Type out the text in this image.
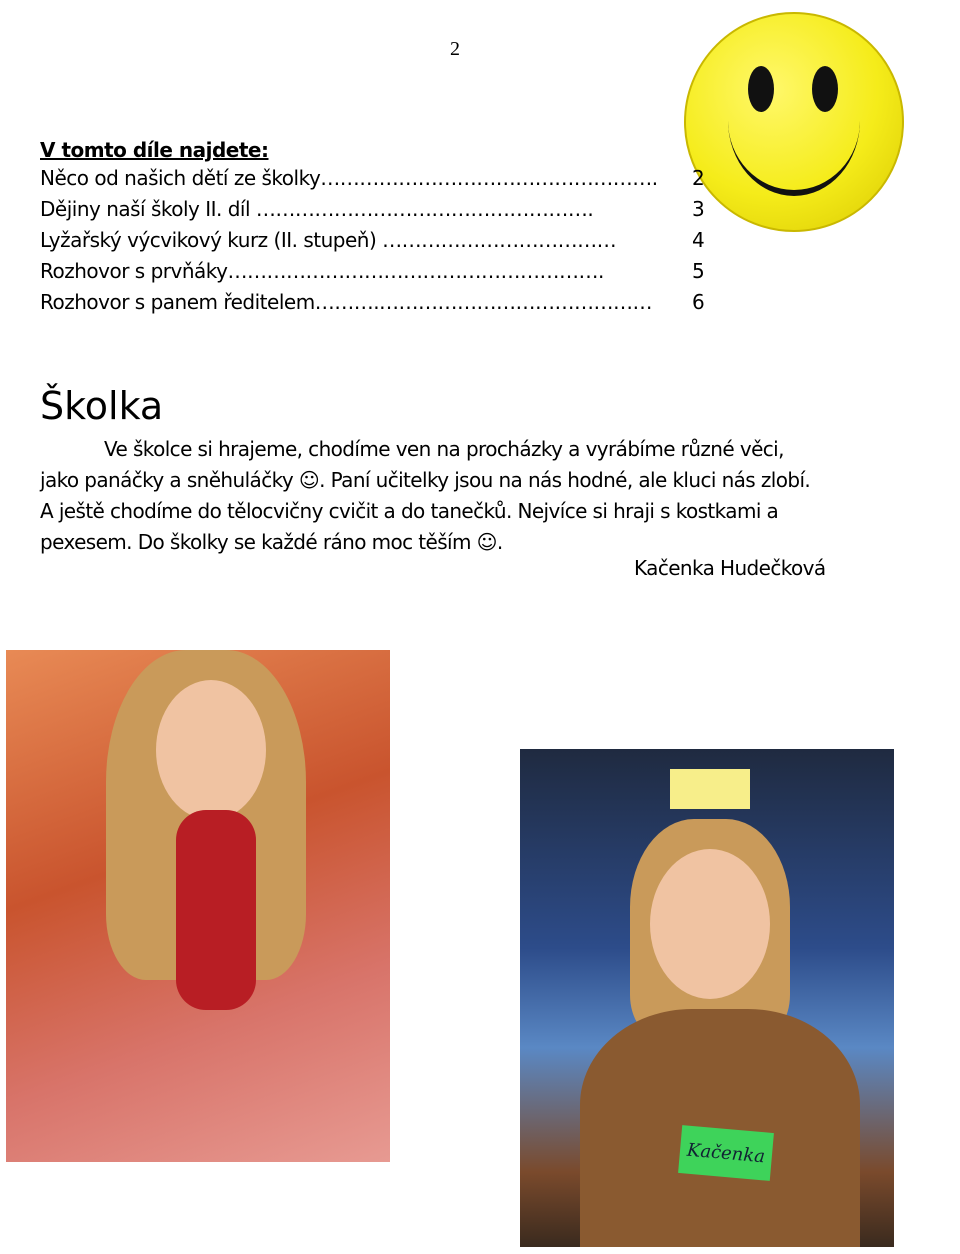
2
V tomto díle najdete:
Něco od našich dětí ze školky……………………………………………. 2
Dějiny naší školy II. díl …………………………………………….	3
Lyžařský výcvikový kurz (II. stupeň) ………………………………	4
Rozhovor s prvňáky………………………………………………….	5
Rozhovor s panem ředitelem……….…………………………………… 6
Školka
Ve školce si hrajeme, chodíme ven na procházky a vyrábíme různé věci,
jako panáčky a sněhuláčky ☺. Paní učitelky jsou na nás hodné, ale kluci nás zlobí.
A ještě chodíme do tělocvičny cvičit a do tanečků. Nejvíce si hraji s kostkami a
pexesem. Do školky se každé ráno moc těším ☺.
Kačenka Hudečková
Kačenka
